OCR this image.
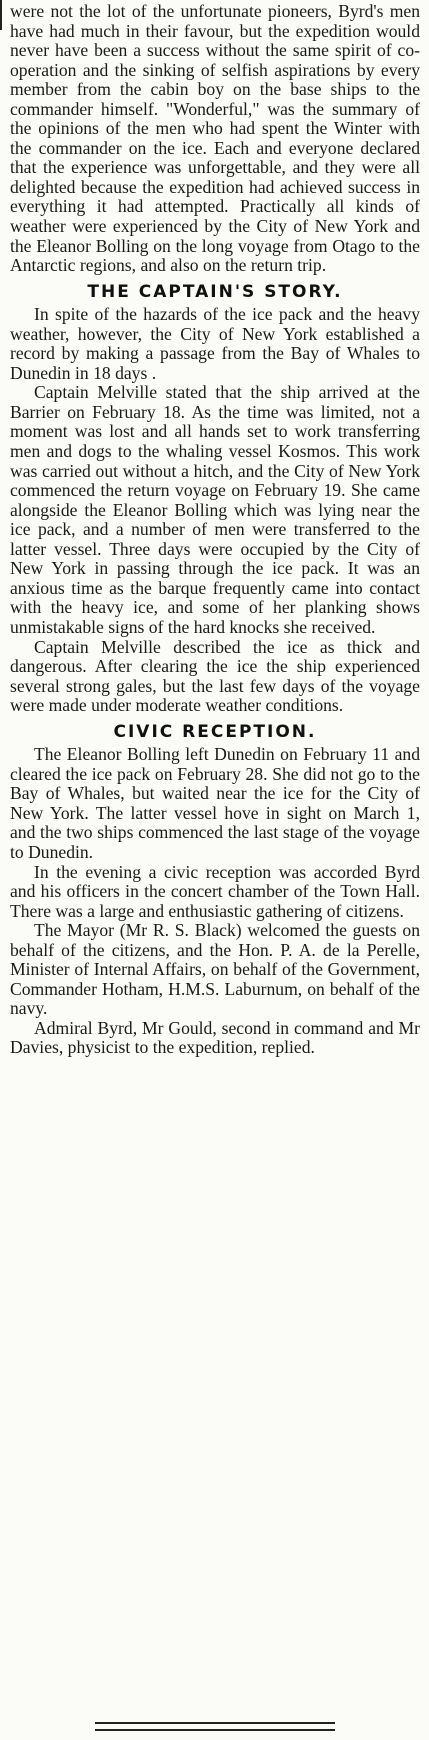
were not the lot of the unfortunate pioneers, Byrd's men have had much in their favour, but the expedition would never have been a success without the same spirit of co-operation and the sinking of selfish aspirations by every member from the cabin boy on the base ships to the commander himself. "Wonderful," was the summary of the opinions of the men who had spent the Winter with the commander on the ice. Each and everyone declared that the experience was unforgettable, and they were all delighted because the expedition had achieved success in everything it had attempted. Practically all kinds of weather were experienced by the City of New York and the Eleanor Bolling on the long voyage from Otago to the Antarctic regions, and also on the return trip.

THE CAPTAIN'S STORY.

In spite of the hazards of the ice pack and the heavy weather, however, the City of New York established a record by making a passage from the Bay of Whales to Dunedin in 18 days .

Captain Melville stated that the ship arrived at the Barrier on February 18. As the time was limited, not a moment was lost and all hands set to work transferring men and dogs to the whaling vessel Kosmos. This work was carried out without a hitch, and the City of New York commenced the return voyage on February 19. She came alongside the Eleanor Bolling which was lying near the ice pack, and a number of men were transferred to the latter vessel. Three days were occupied by the City of New York in passing through the ice pack. It was an anxious time as the barque frequently came into contact with the heavy ice, and some of her planking shows unmistakable signs of the hard knocks she received.

Captain Melville described the ice as thick and dangerous. After clearing the ice the ship experienced several strong gales, but the last few days of the voyage were made under moderate weather conditions.

CIVIC RECEPTION.

The Eleanor Bolling left Dunedin on February 11 and cleared the ice pack on February 28. She did not go to the Bay of Whales, but waited near the ice for the City of New York. The latter vessel hove in sight on March 1, and the two ships commenced the last stage of the voyage to Dunedin.

In the evening a civic reception was accorded Byrd and his officers in the concert chamber of the Town Hall. There was a large and enthusiastic gathering of citizens.

The Mayor (Mr R. S. Black) welcomed the guests on behalf of the citizens, and the Hon. P. A. de la Perelle, Minister of Internal Affairs, on behalf of the Government, Commander Hotham, H.M.S. Laburnum, on behalf of the navy.

Admiral Byrd, Mr Gould, second in command and Mr Davies, physicist to the expedition, replied.
